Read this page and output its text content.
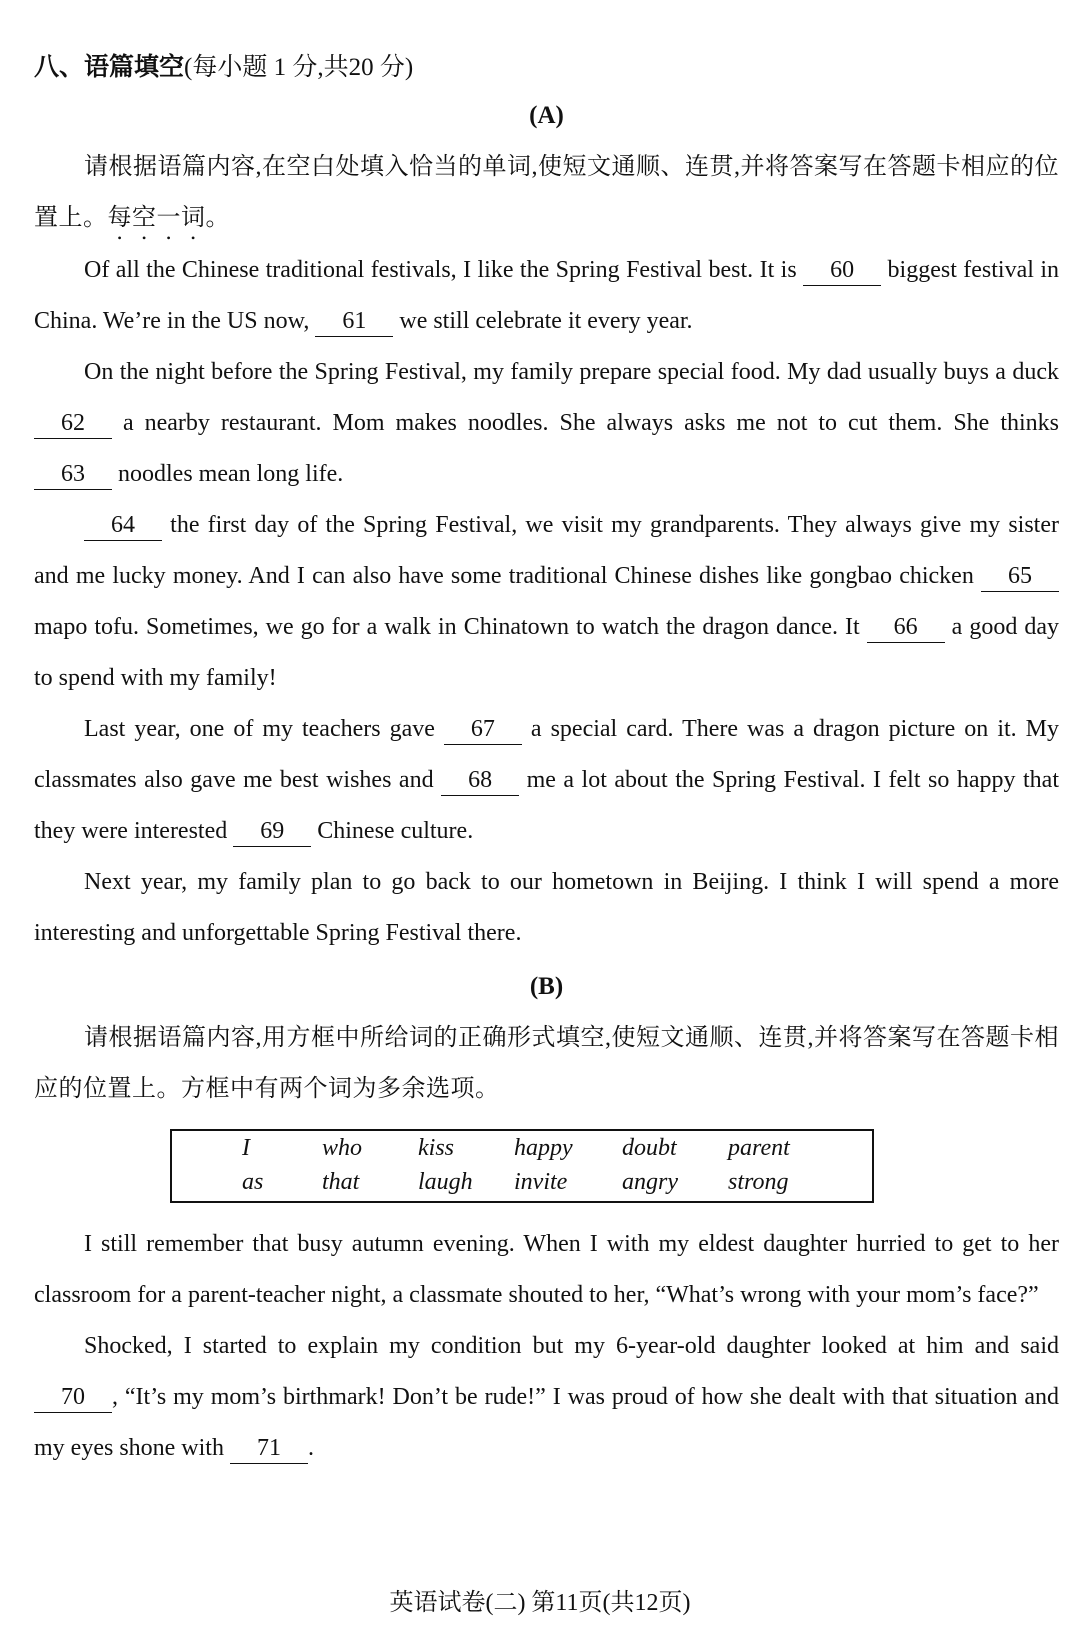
八、语篇填空(每小题 1 分,共20 分)
(A)

请根据语篇内容,在空白处填入恰当的单词,使短文通顺、连贯,并将答案写在答题卡相应的位置上。每空一词。

Of all the Chinese traditional festivals, I like the Spring Festival best. It is 60 biggest festival in China. We’re in the US now, 61 we still celebrate it every year.

On the night before the Spring Festival, my family prepare special food. My dad usually buys a duck 62 a nearby restaurant. Mom makes noodles. She always asks me not to cut them. She thinks 63 noodles mean long life.

64 the first day of the Spring Festival, we visit my grandparents. They always give my sister and me lucky money. And I can also have some traditional Chinese dishes like gongbao chicken 65 mapo tofu. Sometimes, we go for a walk in Chinatown to watch the dragon dance. It 66 a good day to spend with my family!

Last year, one of my teachers gave 67 a special card. There was a dragon picture on it. My classmates also gave me best wishes and 68 me a lot about the Spring Festival. I felt so happy that they were interested 69 Chinese culture.

Next year, my family plan to go back to our hometown in Beijing. I think I will spend a more interesting and unforgettable Spring Festival there.

(B)

请根据语篇内容,用方框中所给词的正确形式填空,使短文通顺、连贯,并将答案写在答题卡相应的位置上。方框中有两个词为多余选项。

I	who	kiss	happy	doubt	parent
as	that	laugh	invite	angry	strong

I still remember that busy autumn evening. When I with my eldest daughter hurried to get to her classroom for a parent-teacher night, a classmate shouted to her, “What’s wrong with your mom’s face?”

Shocked, I started to explain my condition but my 6-year-old daughter looked at him and said 70 , “It’s my mom’s birthmark! Don’t be rude!” I was proud of how she dealt with that situation and my eyes shone with 71 .

英语试卷(二) 第11页(共12页)
